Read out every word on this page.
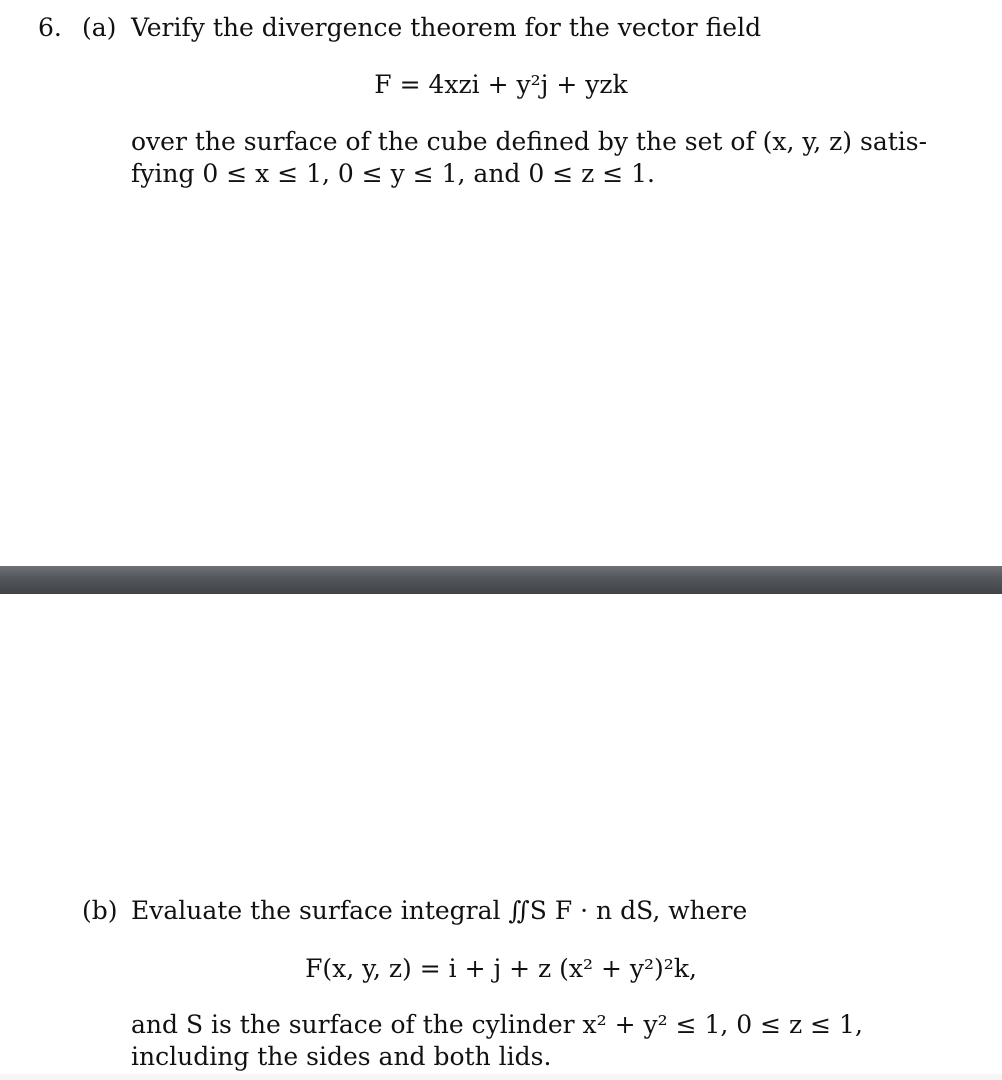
6. (a) Verify the divergence theorem for the vector field
F = 4xzi + y²j + yzk
over the surface of the cube defined by the set of (x, y, z) satis-
fying 0 ≤ x ≤ 1, 0 ≤ y ≤ 1, and 0 ≤ z ≤ 1.
(b) Evaluate the surface integral ∬S F · n dS, where
F(x, y, z) = i + j + z (x² + y²)²k,
and S is the surface of the cylinder x² + y² ≤ 1, 0 ≤ z ≤ 1,
including the sides and both lids.
